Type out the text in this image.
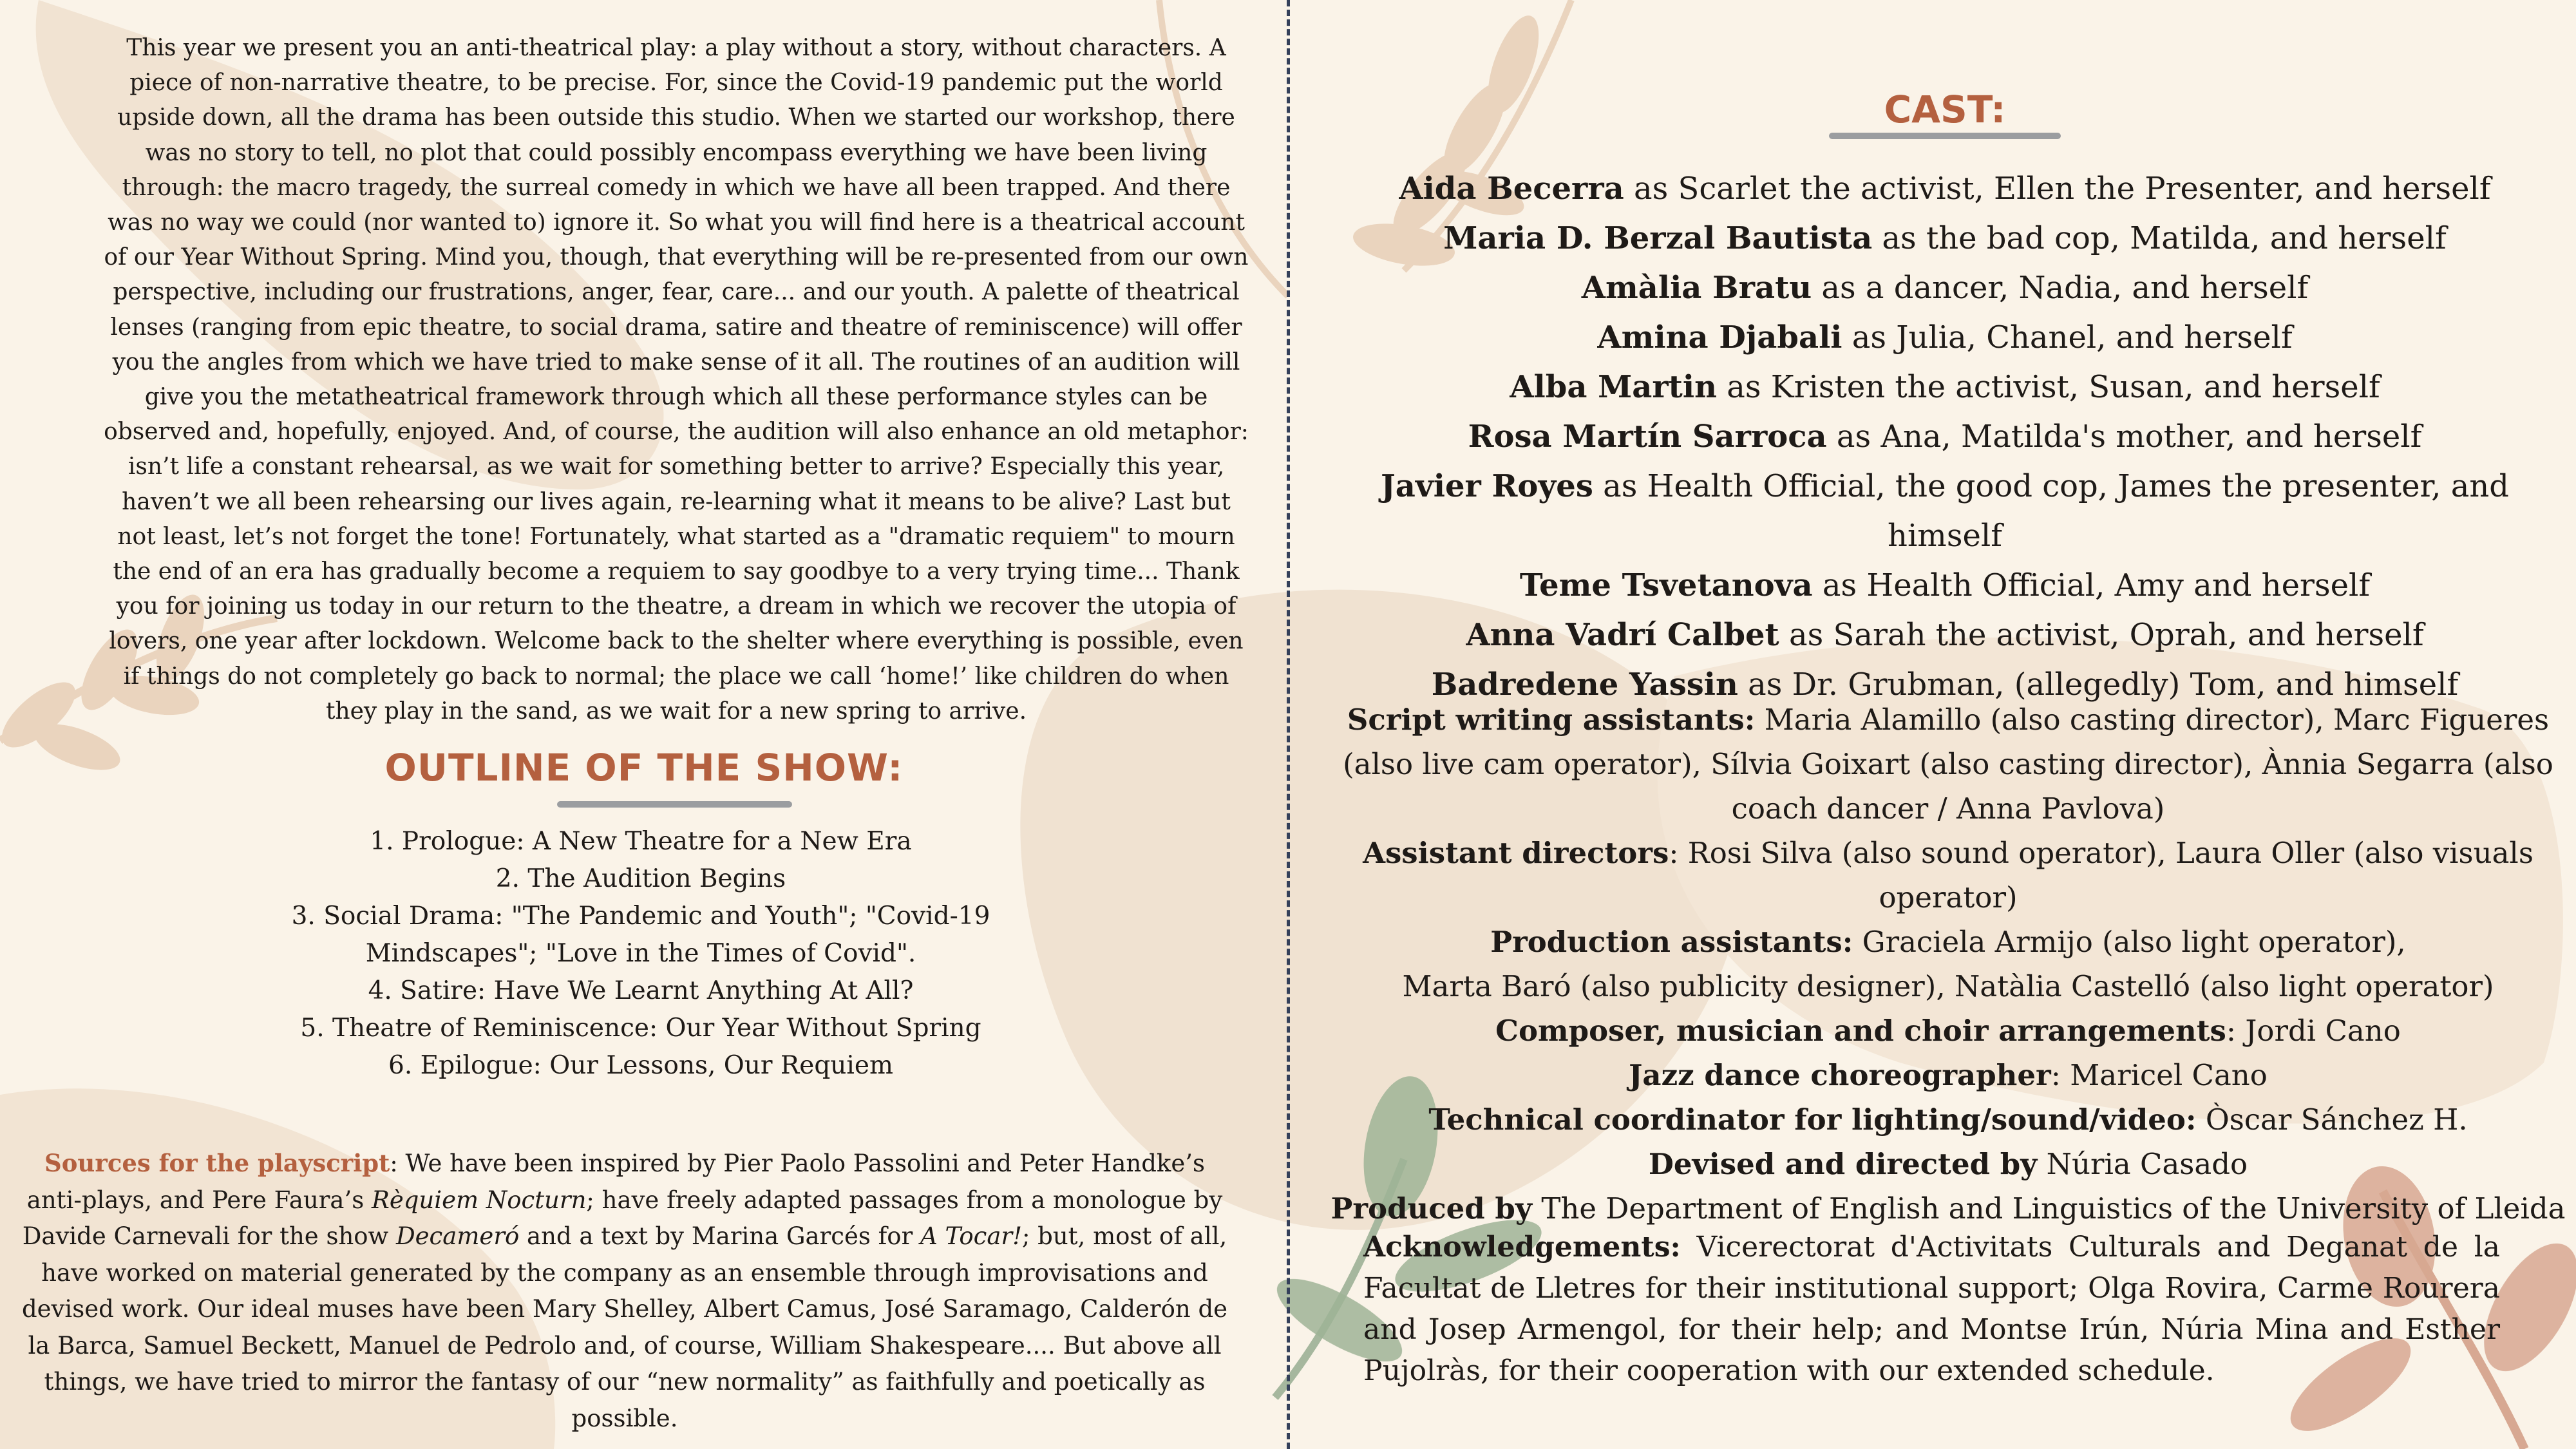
This year we present you an anti-theatrical play: a play without a story, without characters. A piece of non-narrative theatre, to be precise. For, since the Covid-19 pandemic put the world upside down, all the drama has been outside this studio. When we started our workshop, there was no story to tell, no plot that could possibly encompass everything we have been living through: the macro tragedy, the surreal comedy in which we have all been trapped. And there was no way we could (nor wanted to) ignore it. So what you will find here is a theatrical account of our Year Without Spring. Mind you, though, that everything will be re-presented from our own perspective, including our frustrations, anger, fear, care... and our youth. A palette of theatrical lenses (ranging from epic theatre, to social drama, satire and theatre of reminiscence) will offer you the angles from which we have tried to make sense of it all. The routines of an audition will give you the metatheatrical framework through which all these performance styles can be observed and, hopefully, enjoyed. And, of course, the audition will also enhance an old metaphor: isn’t life a constant rehearsal, as we wait for something better to arrive? Especially this year, haven’t we all been rehearsing our lives again, re-learning what it means to be alive? Last but not least, let’s not forget the tone! Fortunately, what started as a "dramatic requiem" to mourn the end of an era has gradually become a requiem to say goodbye to a very trying time... Thank you for joining us today in our return to the theatre, a dream in which we recover the utopia of lovers, one year after lockdown. Welcome back to the shelter where everything is possible, even if things do not completely go back to normal; the place we call ‘home!’ like children do when they play in the sand, as we wait for a new spring to arrive.

OUTLINE OF THE SHOW:
1. Prologue: A New Theatre for a New Era
2. The Audition Begins
3. Social Drama: "The Pandemic and Youth"; "Covid-19 Mindscapes"; "Love in the Times of Covid".
4. Satire: Have We Learnt Anything At All?
5. Theatre of Reminiscence: Our Year Without Spring
6. Epilogue: Our Lessons, Our Requiem

Sources for the playscript: We have been inspired by Pier Paolo Passolini and Peter Handke’s anti-plays, and Pere Faura’s Rèquiem Nocturn; have freely adapted passages from a monologue by Davide Carnevali for the show Decameró and a text by Marina Garcés for A Tocar!; but, most of all, have worked on material generated by the company as an ensemble through improvisations and devised work. Our ideal muses have been Mary Shelley, Albert Camus, José Saramago, Calderón de la Barca, Samuel Beckett, Manuel de Pedrolo and, of course, William Shakespeare.... But above all things, we have tried to mirror the fantasy of our “new normality” as faithfully and poetically as possible.

CAST:
Aida Becerra as Scarlet the activist, Ellen the Presenter, and herself
Maria D. Berzal Bautista as the bad cop, Matilda, and herself
Amàlia Bratu as a dancer, Nadia, and herself
Amina Djabali as Julia, Chanel, and herself
Alba Martin as Kristen the activist, Susan, and herself
Rosa Martín Sarroca as Ana, Matilda's mother, and herself
Javier Royes as Health Official, the good cop, James the presenter, and himself
Teme Tsvetanova as Health Official, Amy and herself
Anna Vadrí Calbet as Sarah the activist, Oprah, and herself
Badredene Yassin as Dr. Grubman, (allegedly) Tom, and himself

Script writing assistants: Maria Alamillo (also casting director), Marc Figueres (also live cam operator), Sílvia Goixart (also casting director), Ànnia Segarra (also coach dancer / Anna Pavlova)

Assistant directors: Rosi Silva (also sound operator), Laura Oller (also visuals operator)

Production assistants: Graciela Armijo (also light operator),
Marta Baró (also publicity designer), Natàlia Castelló (also light operator)

Composer, musician and choir arrangements: Jordi Cano

Jazz dance choreographer: Maricel Cano

Technical coordinator for lighting/sound/video: Òscar Sánchez H.

Devised and directed by Núria Casado

Produced by The Department of English and Linguistics of the University of Lleida

Acknowledgements: Vicerectorat d'Activitats Culturals and Deganat de la Facultat de Lletres for their institutional support; Olga Rovira, Carme Rourera and Josep Armengol, for their help; and Montse Irún, Núria Mina and Esther Pujolràs, for their cooperation with our extended schedule.
